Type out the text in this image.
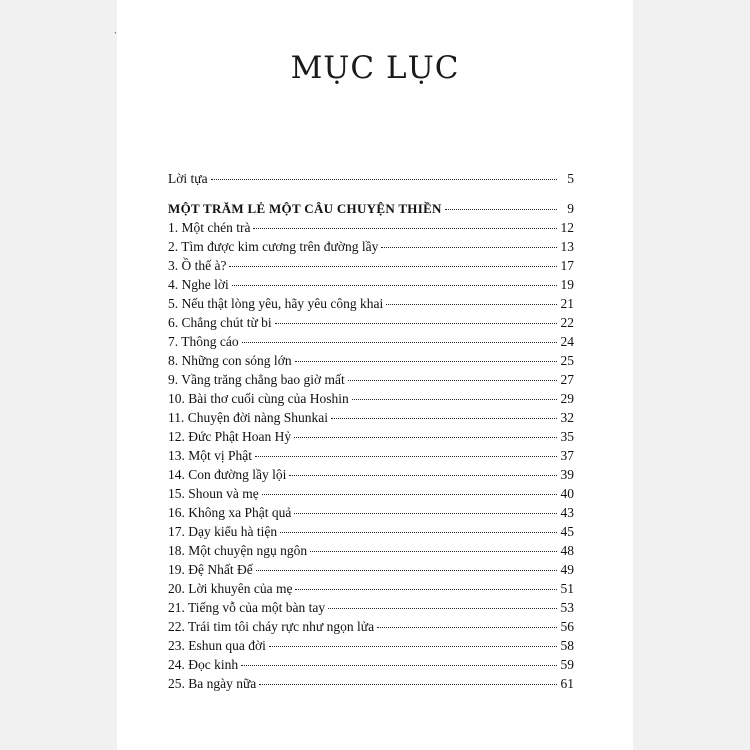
`
MỤC LỤC
Lời tựa	5
MỘT TRĂM LẺ MỘT CÂU CHUYỆN THIỀN	9
1. Một chén trà	12
2. Tìm được kim cương trên đường lầy	13
3. Ồ thế à?	17
4. Nghe lời	19
5. Nếu thật lòng yêu, hãy yêu công khai	21
6. Chẳng chút từ bi	22
7. Thông cáo	24
8. Những con sóng lớn	25
9. Vầng trăng chẳng bao giờ mất	27
10. Bài thơ cuối cùng của Hoshin	29
11. Chuyện đời nàng Shunkai	32
12. Đức Phật Hoan Hỷ	35
13. Một vị Phật	37
14. Con đường lầy lội	39
15. Shoun và mẹ	40
16. Không xa Phật quả	43
17. Dạy kiểu hà tiện	45
18. Một chuyện ngụ ngôn	48
19. Đệ Nhất Đế	49
20. Lời khuyên của mẹ	51
21. Tiếng vỗ của một bàn tay	53
22. Trái tim tôi cháy rực như ngọn lửa	56
23. Eshun qua đời	58
24. Đọc kinh	59
25. Ba ngày nữa	61
